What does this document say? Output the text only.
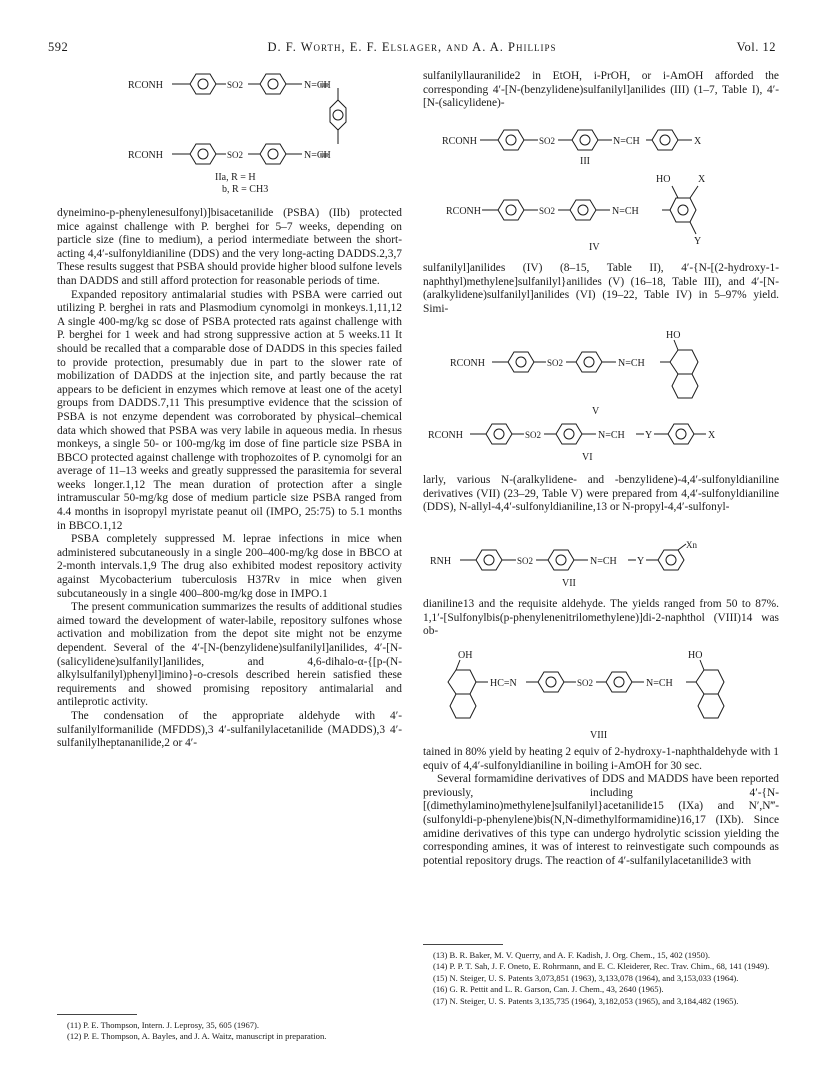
592	D. F. Worth, E. F. Elslager, and A. A. Phillips	Vol. 12
RCONH	SO2	N=CH
RCONH	SO2	N=CH
IIa, R = H
b, R = CH3

dyneimino-p-phenylenesulfonyl)]bisacetanilide (PSBA) (IIb) protected mice against challenge with P. berghei for 5–7 weeks, depending on particle size (fine to medium), a period intermediate between the short-acting 4,4′-sulfonyldianiline (DDS) and the very long-acting DADDS.2,3,7 These results suggest that PSBA should provide higher blood sulfone levels than DADDS and still afford protection for reasonable periods of time.

Expanded repository antimalarial studies with PSBA were carried out utilizing P. berghei in rats and Plasmodium cynomolgi in monkeys.1,11,12 A single 400-mg/kg sc dose of PSBA protected rats against challenge with P. berghei for 1 week and had strong suppressive action at 5 weeks.11 It should be recalled that a comparable dose of DADDS in this species failed to provide protection, presumably due in part to the slower rate of mobilization of DADDS at the injection site, and partly because the rat appears to be deficient in enzymes which remove at least one of the acetyl groups from DADDS.7,11 This presumptive evidence that the scission of PSBA is not enzyme dependent was corroborated by physical–chemical data which showed that PSBA was very labile in aqueous media. In rhesus monkeys, a single 50- or 100-mg/kg im dose of fine particle size PSBA in BBCO protected against challenge with trophozoites of P. cynomolgi for an average of 11–13 weeks and greatly suppressed the parasitemia for several weeks longer.1,12 The mean duration of protection after a single intramuscular 50-mg/kg dose of medium particle size PSBA ranged from 4.4 months in isopropyl myristate peanut oil (IMPO, 25:75) to 5.1 months in BBCO.1,12

PSBA completely suppressed M. leprae infections in mice when administered subcutaneously in a single 200–400-mg/kg dose in BBCO at 2-month intervals.1,9 The drug also exhibited modest repository activity against Mycobacterium tuberculosis H37Rv in mice when given subcutaneously in a single 400–800-mg/kg dose in IMPO.1

The present communication summarizes the results of additional studies aimed toward the development of water-labile, repository sulfones whose activation and mobilization from the depot site might not be enzyme dependent. Several of the 4′-[N-(benzylidene)sulfanilyl]anilides, 4′-[N-(salicylidene)sulfanilyl]anilides, and 4,6-dihalo-α-{[p-(N-alkylsulfanilyl)phenyl]imino}-o-cresols described herein satisfied these requirements and showed promising repository antimalarial and antileprotic activity.

The condensation of the appropriate aldehyde with 4′-sulfanilylformanilide (MFDDS),3 4′-sulfanilylacetanilide (MADDS),3 4′-sulfanilylheptananilide,2 or 4′-

(11) P. E. Thompson, Intern. J. Leprosy, 35, 605 (1967).

(12) P. E. Thompson, A. Bayles, and J. A. Waitz, manuscript in preparation.

sulfanilyllauranilide2 in EtOH, i-PrOH, or i-AmOH afforded the corresponding 4′-[N-(benzylidene)sulfanilyl]anilides (III) (1–7, Table I), 4′-[N-(salicylidene)-

RCONH	SO2	N=CH	X
III
RCONH	SO2	N=CH
HO	X
Y
IV

sulfanilyl]anilides (IV) (8–15, Table II), 4′-{N-[(2-hydroxy-1-naphthyl)methylene]sulfanilyl}anilides (V) (16–18, Table III), and 4′-[N-(aralkylidene)sulfanilyl]anilides (VI) (19–22, Table IV) in 5–97% yield. Simi-

HO
RCONH	SO2	N=CH
V
RCONH	SO2	N=CH Y	X
VI

larly, various N-(aralkylidene- and -benzylidene)-4,4′-sulfonyldianiline derivatives (VII) (23–29, Table V) were prepared from 4,4′-sulfonyldianiline (DDS), N-allyl-4,4′-sulfonyldianiline,13 or N-propyl-4,4′-sulfonyl-

RNH	SO2	N=CH Y
Xn
VII

dianiline13 and the requisite aldehyde. The yields ranged from 50 to 87%. 1,1′-[Sulfonylbis(p-phenylenenitrilomethylene)]di-2-naphthol (VIII)14 was ob-

OH	HO
HC=N	SO2	N=CH
VIII

tained in 80% yield by heating 2 equiv of 2-hydroxy-1-naphthaldehyde with 1 equiv of 4,4′-sulfonyldianiline in boiling i-AmOH for 30 sec.

Several formamidine derivatives of DDS and MADDS have been reported previously, including 4′-{N-[(dimethylamino)methylene]sulfanilyl}acetanilide15 (IXa) and N′,N‴-(sulfonyldi-p-phenylene)bis(N,N-dimethylformamidine)16,17 (IXb). Since amidine derivatives of this type can undergo hydrolytic scission yielding the corresponding amines, it was of interest to reinvestigate such compounds as potential repository drugs. The reaction of 4′-sulfanilylacetanilide3 with

(13) B. R. Baker, M. V. Querry, and A. F. Kadish, J. Org. Chem., 15, 402 (1950).

(14) P. P. T. Sah, J. F. Oneto, E. Rohrmann, and E. C. Kleiderer, Rec. Trav. Chim., 68, 141 (1949).

(15) N. Steiger, U. S. Patents 3,073,851 (1963), 3,133,078 (1964), and 3,153,033 (1964).

(16) G. R. Pettit and L. R. Garson, Can. J. Chem., 43, 2640 (1965).

(17) N. Steiger, U. S. Patents 3,135,735 (1964), 3,182,053 (1965), and 3,184,482 (1965).
